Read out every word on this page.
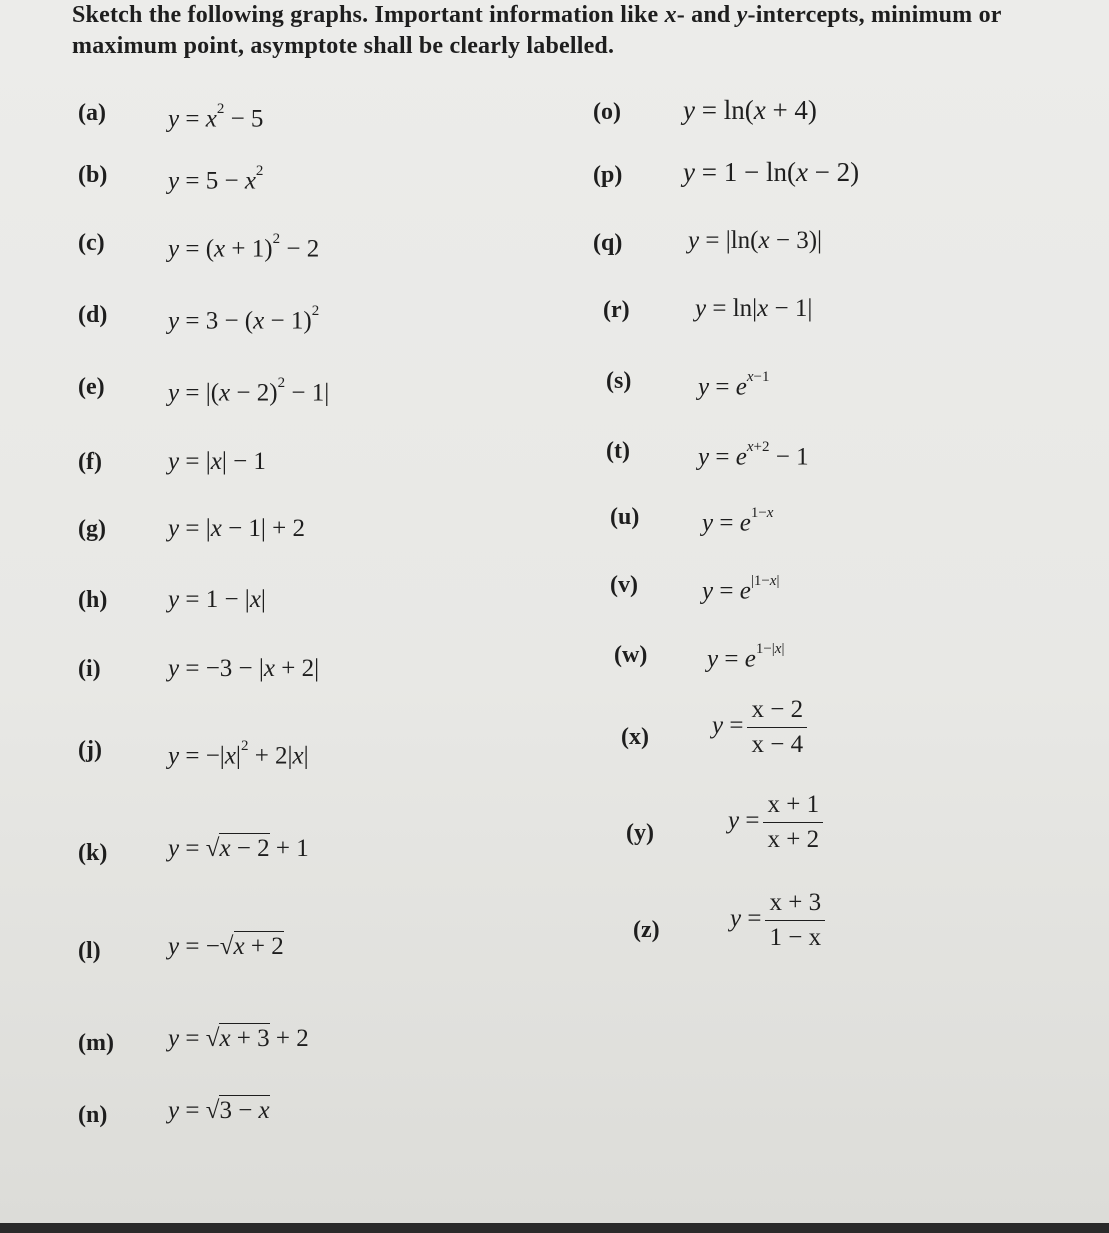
Sketch the following graphs. Important information like x- and y-intercepts, minimum or maximum point, asymptote shall be clearly labelled.
(a) $y = x^2 - 5$
(b) $y = 5 - x^2$
(c)	$y = (x + 1)^2 - 2$
(d) $y = 3 - (x - 1)^2$
(e)	$y = |(x - 2)^2 - 1|$
(f)	y = |x| − 1
(g) y = |x − 1| + 2
(h) y = 1 − |x|
(i)	y = −3 − |x + 2|
(j)	$y = -|x|^2 + 2|x|$
(k) y = √x − 2 + 1
(l)	y = −√x + 2
(m) y = √x + 3 + 2
(n) y = √3 − x
(o) y = ln(x + 4)
(p) y = 1 − ln(x − 2)
(q)	y = |ln(x − 3)|
(r)	y = ln|x − 1|
(s)	$y = e^{x-1}$
(t)	$y = e^{x+2} - 1$
(u)	$y = e^{1-x}$
(v)	$y = e^{|1-x|}$
(w) $y = e^{1-|x|}$
(x)	$y = \frac{x - 2}{x - 4}$
(y)	$y = \frac{x + 1}{x + 2}$
(z)	$y = \frac{x + 3}{1 - x}$
